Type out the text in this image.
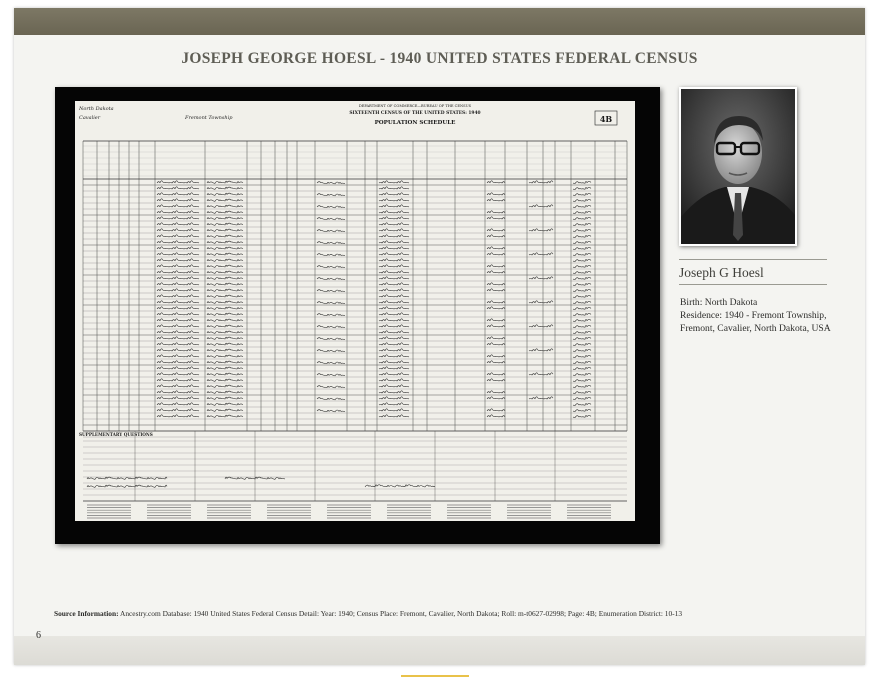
JOSEPH GEORGE HOESL - 1940 UNITED STATES FEDERAL CENSUS
North Dakota
Cavalier	Fremont Township
DEPARTMENT OF COMMERCE—BUREAU OF THE CENSUS
SIXTEENTH CENSUS OF THE UNITED STATES: 1940
POPULATION SCHEDULE	4B
SUPPLEMENTARY QUESTIONS
Joseph G Hoesl
Birth: North Dakota
Residence: 1940 - Fremont Township, Fremont, Cavalier, North Dakota, USA
Source Information: Ancestry.com Database: 1940 United States Federal Census Detail: Year: 1940; Census Place: Fremont, Cavalier, North Dakota; Roll: m-t0627-02998; Page: 4B; Enumeration District: 10-13
6
